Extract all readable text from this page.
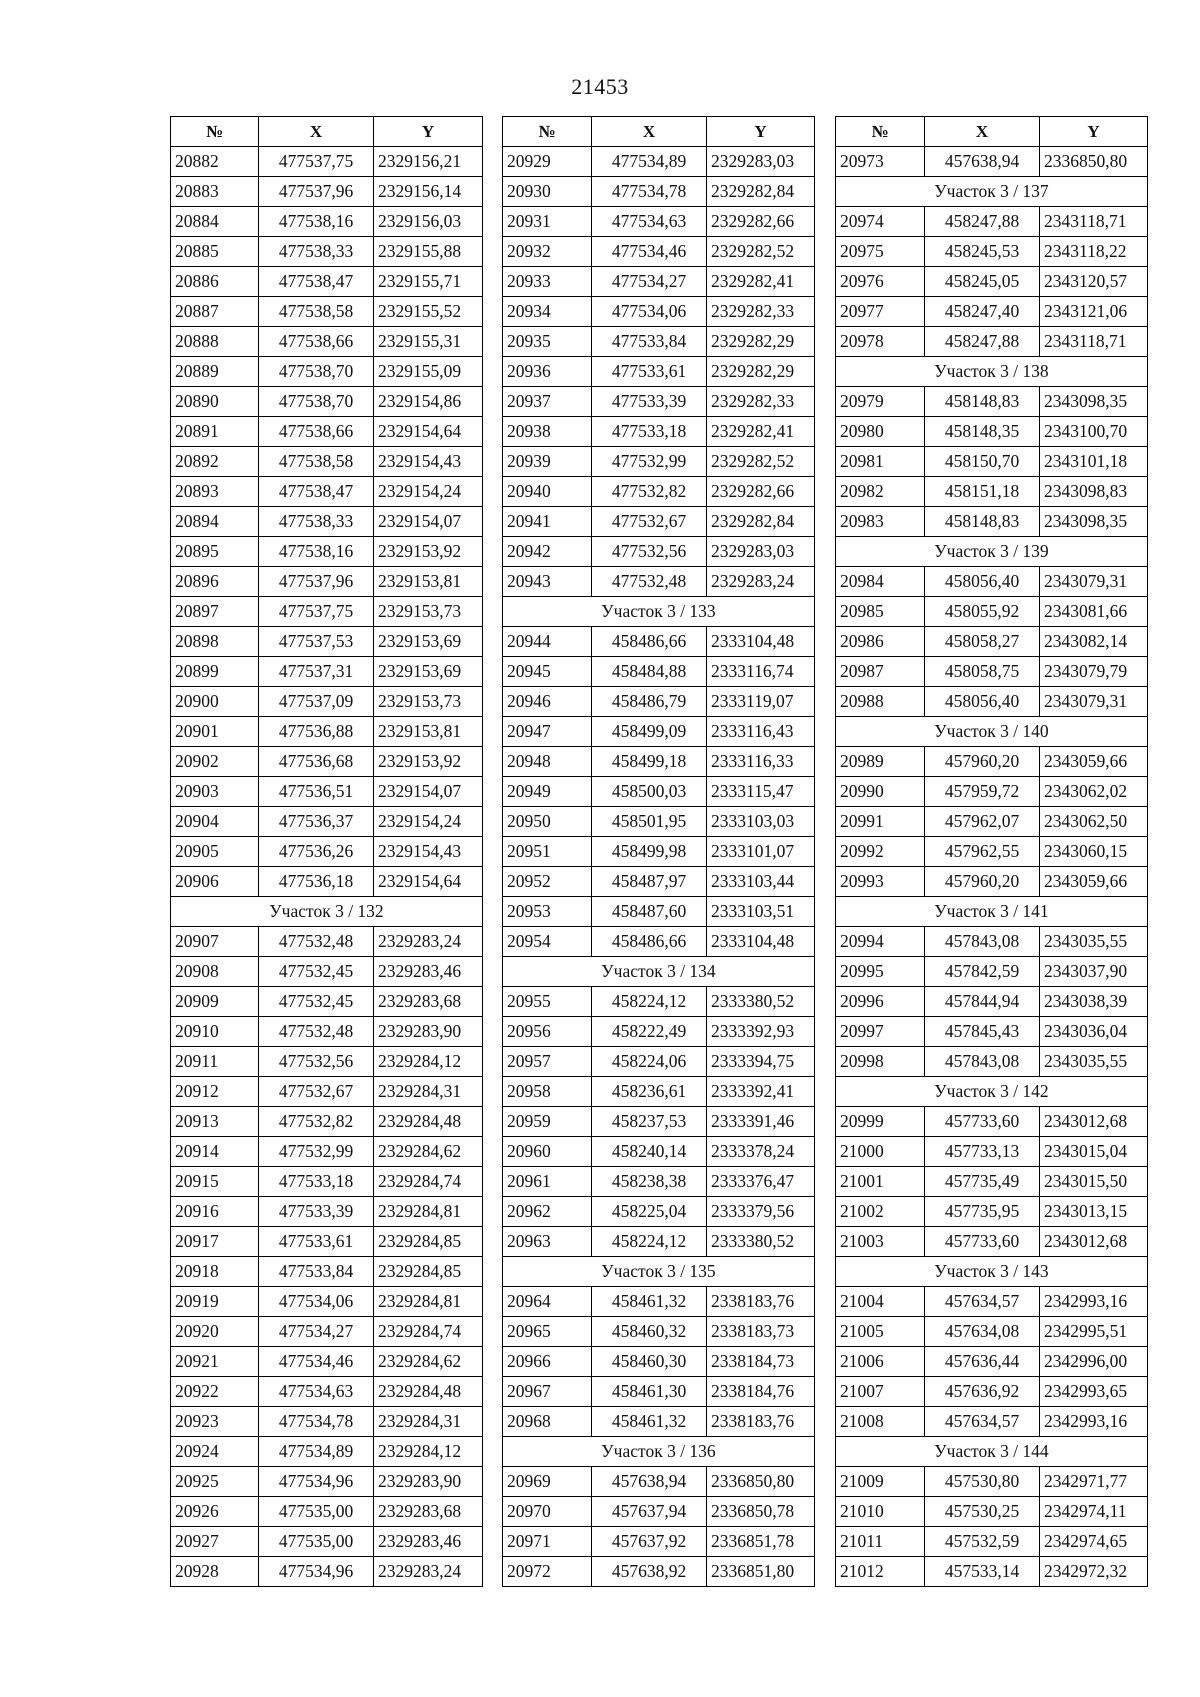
21453
№	X	Y
20882	477537,75	2329156,21
20883	477537,96	2329156,14
20884	477538,16	2329156,03
20885	477538,33	2329155,88
20886	477538,47	2329155,71
20887	477538,58	2329155,52
20888	477538,66	2329155,31
20889	477538,70	2329155,09
20890	477538,70	2329154,86
20891	477538,66	2329154,64
20892	477538,58	2329154,43
20893	477538,47	2329154,24
20894	477538,33	2329154,07
20895	477538,16	2329153,92
20896	477537,96	2329153,81
20897	477537,75	2329153,73
20898	477537,53	2329153,69
20899	477537,31	2329153,69
20900	477537,09	2329153,73
20901	477536,88	2329153,81
20902	477536,68	2329153,92
20903	477536,51	2329154,07
20904	477536,37	2329154,24
20905	477536,26	2329154,43
20906	477536,18	2329154,64
Участок 3 / 132		
20907	477532,48	2329283,24
20908	477532,45	2329283,46
20909	477532,45	2329283,68
20910	477532,48	2329283,90
20911	477532,56	2329284,12
20912	477532,67	2329284,31
20913	477532,82	2329284,48
20914	477532,99	2329284,62
20915	477533,18	2329284,74
20916	477533,39	2329284,81
20917	477533,61	2329284,85
20918	477533,84	2329284,85
20919	477534,06	2329284,81
20920	477534,27	2329284,74
20921	477534,46	2329284,62
20922	477534,63	2329284,48
20923	477534,78	2329284,31
20924	477534,89	2329284,12
20925	477534,96	2329283,90
20926	477535,00	2329283,68
20927	477535,00	2329283,46
20928	477534,96	2329283,24
№	X	Y
20929	477534,89	2329283,03
20930	477534,78	2329282,84
20931	477534,63	2329282,66
20932	477534,46	2329282,52
20933	477534,27	2329282,41
20934	477534,06	2329282,33
20935	477533,84	2329282,29
20936	477533,61	2329282,29
20937	477533,39	2329282,33
20938	477533,18	2329282,41
20939	477532,99	2329282,52
20940	477532,82	2329282,66
20941	477532,67	2329282,84
20942	477532,56	2329283,03
20943	477532,48	2329283,24
Участок 3 / 133		
20944	458486,66	2333104,48
20945	458484,88	2333116,74
20946	458486,79	2333119,07
20947	458499,09	2333116,43
20948	458499,18	2333116,33
20949	458500,03	2333115,47
20950	458501,95	2333103,03
20951	458499,98	2333101,07
20952	458487,97	2333103,44
20953	458487,60	2333103,51
20954	458486,66	2333104,48
Участок 3 / 134		
20955	458224,12	2333380,52
20956	458222,49	2333392,93
20957	458224,06	2333394,75
20958	458236,61	2333392,41
20959	458237,53	2333391,46
20960	458240,14	2333378,24
20961	458238,38	2333376,47
20962	458225,04	2333379,56
20963	458224,12	2333380,52
Участок 3 / 135		
20964	458461,32	2338183,76
20965	458460,32	2338183,73
20966	458460,30	2338184,73
20967	458461,30	2338184,76
20968	458461,32	2338183,76
Участок 3 / 136		
20969	457638,94	2336850,80
20970	457637,94	2336850,78
20971	457637,92	2336851,78
20972	457638,92	2336851,80
№	X	Y
20973	457638,94	2336850,80
Участок 3 / 137		
20974	458247,88	2343118,71
20975	458245,53	2343118,22
20976	458245,05	2343120,57
20977	458247,40	2343121,06
20978	458247,88	2343118,71
Участок 3 / 138		
20979	458148,83	2343098,35
20980	458148,35	2343100,70
20981	458150,70	2343101,18
20982	458151,18	2343098,83
20983	458148,83	2343098,35
Участок 3 / 139		
20984	458056,40	2343079,31
20985	458055,92	2343081,66
20986	458058,27	2343082,14
20987	458058,75	2343079,79
20988	458056,40	2343079,31
Участок 3 / 140		
20989	457960,20	2343059,66
20990	457959,72	2343062,02
20991	457962,07	2343062,50
20992	457962,55	2343060,15
20993	457960,20	2343059,66
Участок 3 / 141		
20994	457843,08	2343035,55
20995	457842,59	2343037,90
20996	457844,94	2343038,39
20997	457845,43	2343036,04
20998	457843,08	2343035,55
Участок 3 / 142		
20999	457733,60	2343012,68
21000	457733,13	2343015,04
21001	457735,49	2343015,50
21002	457735,95	2343013,15
21003	457733,60	2343012,68
Участок 3 / 143		
21004	457634,57	2342993,16
21005	457634,08	2342995,51
21006	457636,44	2342996,00
21007	457636,92	2342993,65
21008	457634,57	2342993,16
Участок 3 / 144		
21009	457530,80	2342971,77
21010	457530,25	2342974,11
21011	457532,59	2342974,65
21012	457533,14	2342972,32
